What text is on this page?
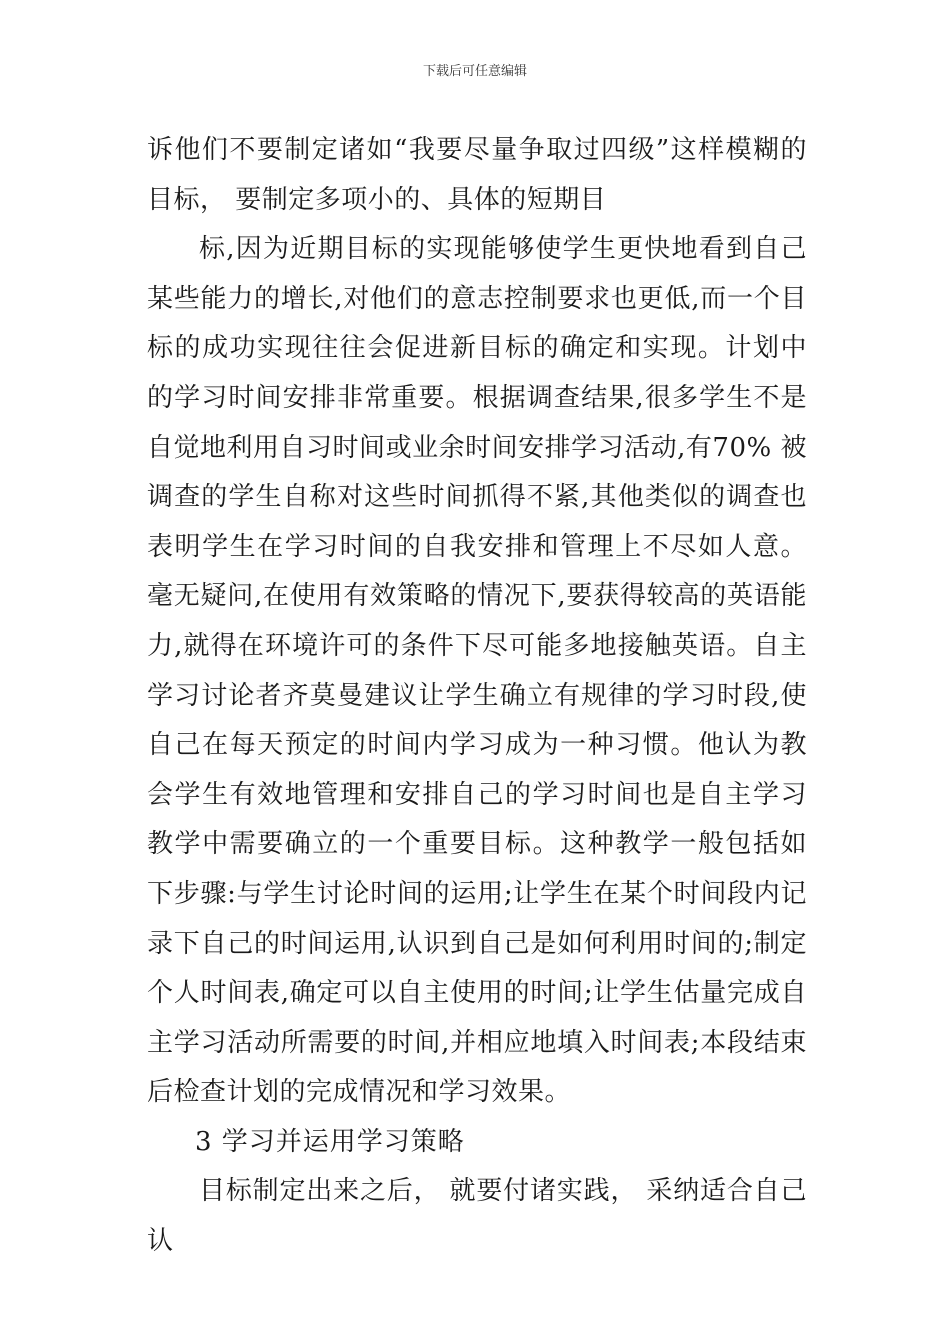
下载后可任意编辑

诉他们不要制定诸如“我要尽量争取过四级”这样模糊的目标， 要制定多项小的、具体的短期目

标,因为近期目标的实现能够使学生更快地看到自己某些能力的增长,对他们的意志控制要求也更低,而一个目标的成功实现往往会促进新目标的确定和实现。计划中的学习时间安排非常重要。根据调查结果,很多学生不是自觉地利用自习时间或业余时间安排学习活动,有70% 被调查的学生自称对这些时间抓得不紧,其他类似的调查也表明学生在学习时间的自我安排和管理上不尽如人意。毫无疑问,在使用有效策略的情况下,要获得较高的英语能力,就得在环境许可的条件下尽可能多地接触英语。自主学习讨论者齐莫曼建议让学生确立有规律的学习时段,使自己在每天预定的时间内学习成为一种习惯。他认为教会学生有效地管理和安排自己的学习时间也是自主学习教学中需要确立的一个重要目标。这种教学一般包括如下步骤:与学生讨论时间的运用;让学生在某个时间段内记录下自己的时间运用,认识到自己是如何利用时间的;制定个人时间表,确定可以自主使用的时间;让学生估量完成自主学习活动所需要的时间,并相应地填入时间表;本段结束后检查计划的完成情况和学习效果。

3 学习并运用学习策略

目标制定出来之后， 就要付诸实践， 采纳适合自己认
